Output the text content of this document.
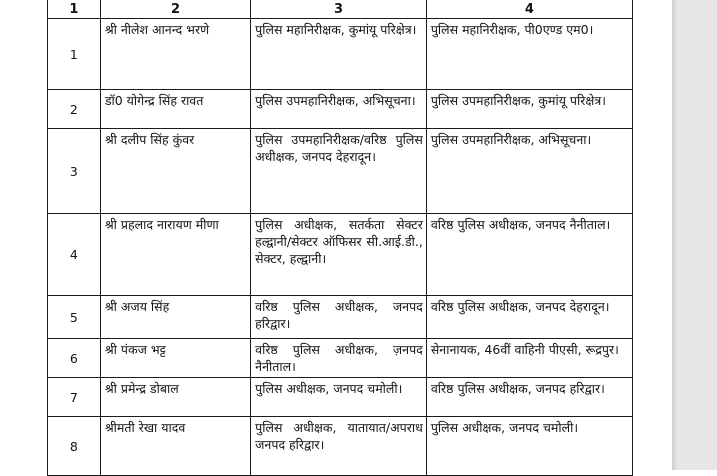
1	2	3	4
1	श्री नीलेश आनन्द भरणे	पुलिस महानिरीक्षक, कुमांयू परिक्षेत्र।	पुलिस महानिरीक्षक, पी0एण्ड एम0।
2	डॉ0 योगेन्द्र सिंह रावत	पुलिस उपमहानिरीक्षक, अभिसूचना।	पुलिस उपमहानिरीक्षक, कुमांयू परिक्षेत्र।
3	श्री दलीप सिंह कुंवर	पुलिस उपमहानिरीक्षक/वरिष्ठ पुलिस अधीक्षक, जनपद देहरादून।	पुलिस उपमहानिरीक्षक, अभिसूचना।
4	श्री प्रहलाद नारायण मीणा	पुलिस अधीक्षक, सतर्कता सेक्टर हल्द्वानी/सेक्टर ऑफिसर सी.आई.डी., सेक्टर, हल्द्वानी।	वरिष्ठ पुलिस अधीक्षक, जनपद नैनीताल।
5	श्री अजय सिंह	वरिष्ठ पुलिस अधीक्षक, जनपद हरिद्वार।	वरिष्ठ पुलिस अधीक्षक, जनपद देहरादून।
6	श्री पंकज भट्ट	वरिष्ठ पुलिस अधीक्षक, ज़नपद नैनीताल।	सेनानायक, 46वीं वाहिनी पीएसी, रूद्रपुर।
7	श्री प्रमेन्द्र डोबाल	पुलिस अधीक्षक, जनपद चमोली।	वरिष्ठ पुलिस अधीक्षक, जनपद हरिद्वार।
8	श्रीमती रेखा यादव	पुलिस अधीक्षक, यातायात/अपराध जनपद हरिद्वार।	पुलिस अधीक्षक, जनपद चमोली।
